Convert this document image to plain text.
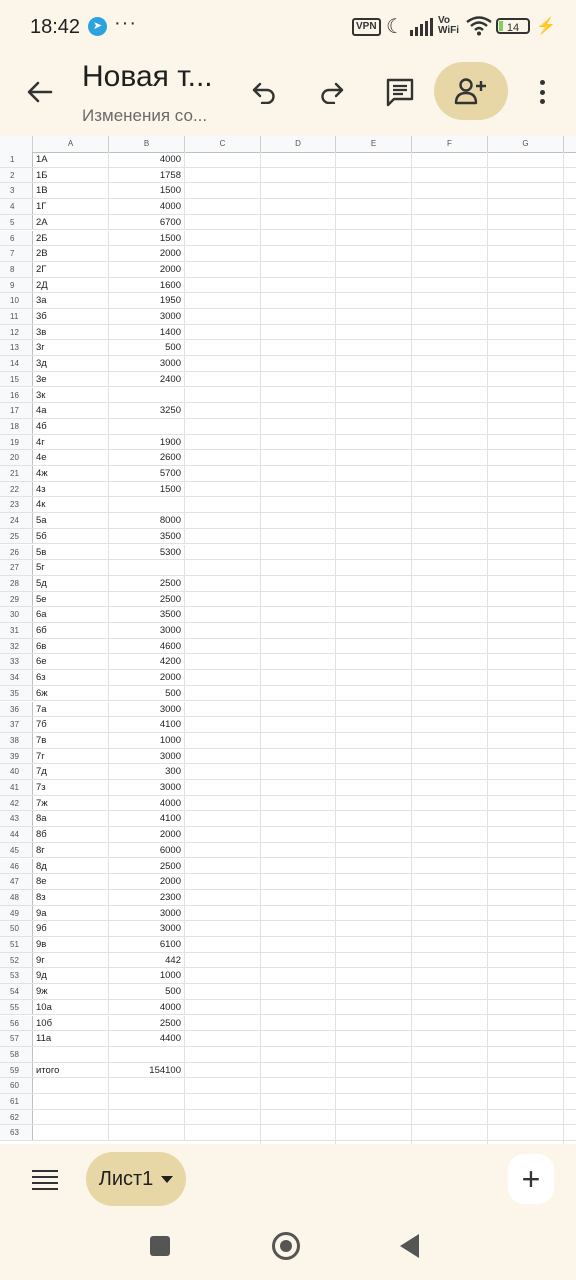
18:42	➤ ···	VPN ☾	Vo
WiFi	14	⚡
Новая т...
Изменения со...
A	B	C	D	E	F	G
1	1А	4000
2	1Б	1758
3	1В	1500
4	1Г	4000
5	2А	6700
6	2Б	1500
7	2В	2000
8	2Г	2000
9	2Д	1600
10	3а	1950
11	3б	3000
12	3в	1400
13	3г	500
14	3д	3000
15	3е	2400
16	3к
17	4а	3250
18	4б
19	4г	1900
20	4е	2600
21	4ж	5700
22	4з	1500
23	4к
24	5а	8000
25	5б	3500
26	5в	5300
27	5г
28	5д	2500
29	5е	2500
30	6а	3500
31	6б	3000
32	6в	4600
33	6е	4200
34	6з	2000
35	6ж	500
36	7а	3000
37	7б	4100
38	7в	1000
39	7г	3000
40	7д	300
41	7з	3000
42	7ж	4000
43	8а	4100
44	8б	2000
45	8г	6000
46	8д	2500
47	8е	2000
48	8з	2300
49	9а	3000
50	9б	3000
51	9в	6100
52	9г	442
53	9д	1000
54	9ж	500
55	10а	4000
56	10б	2500
57	11а	4400
58
59	итого	154100
60
61
62
63
Лист1	+
